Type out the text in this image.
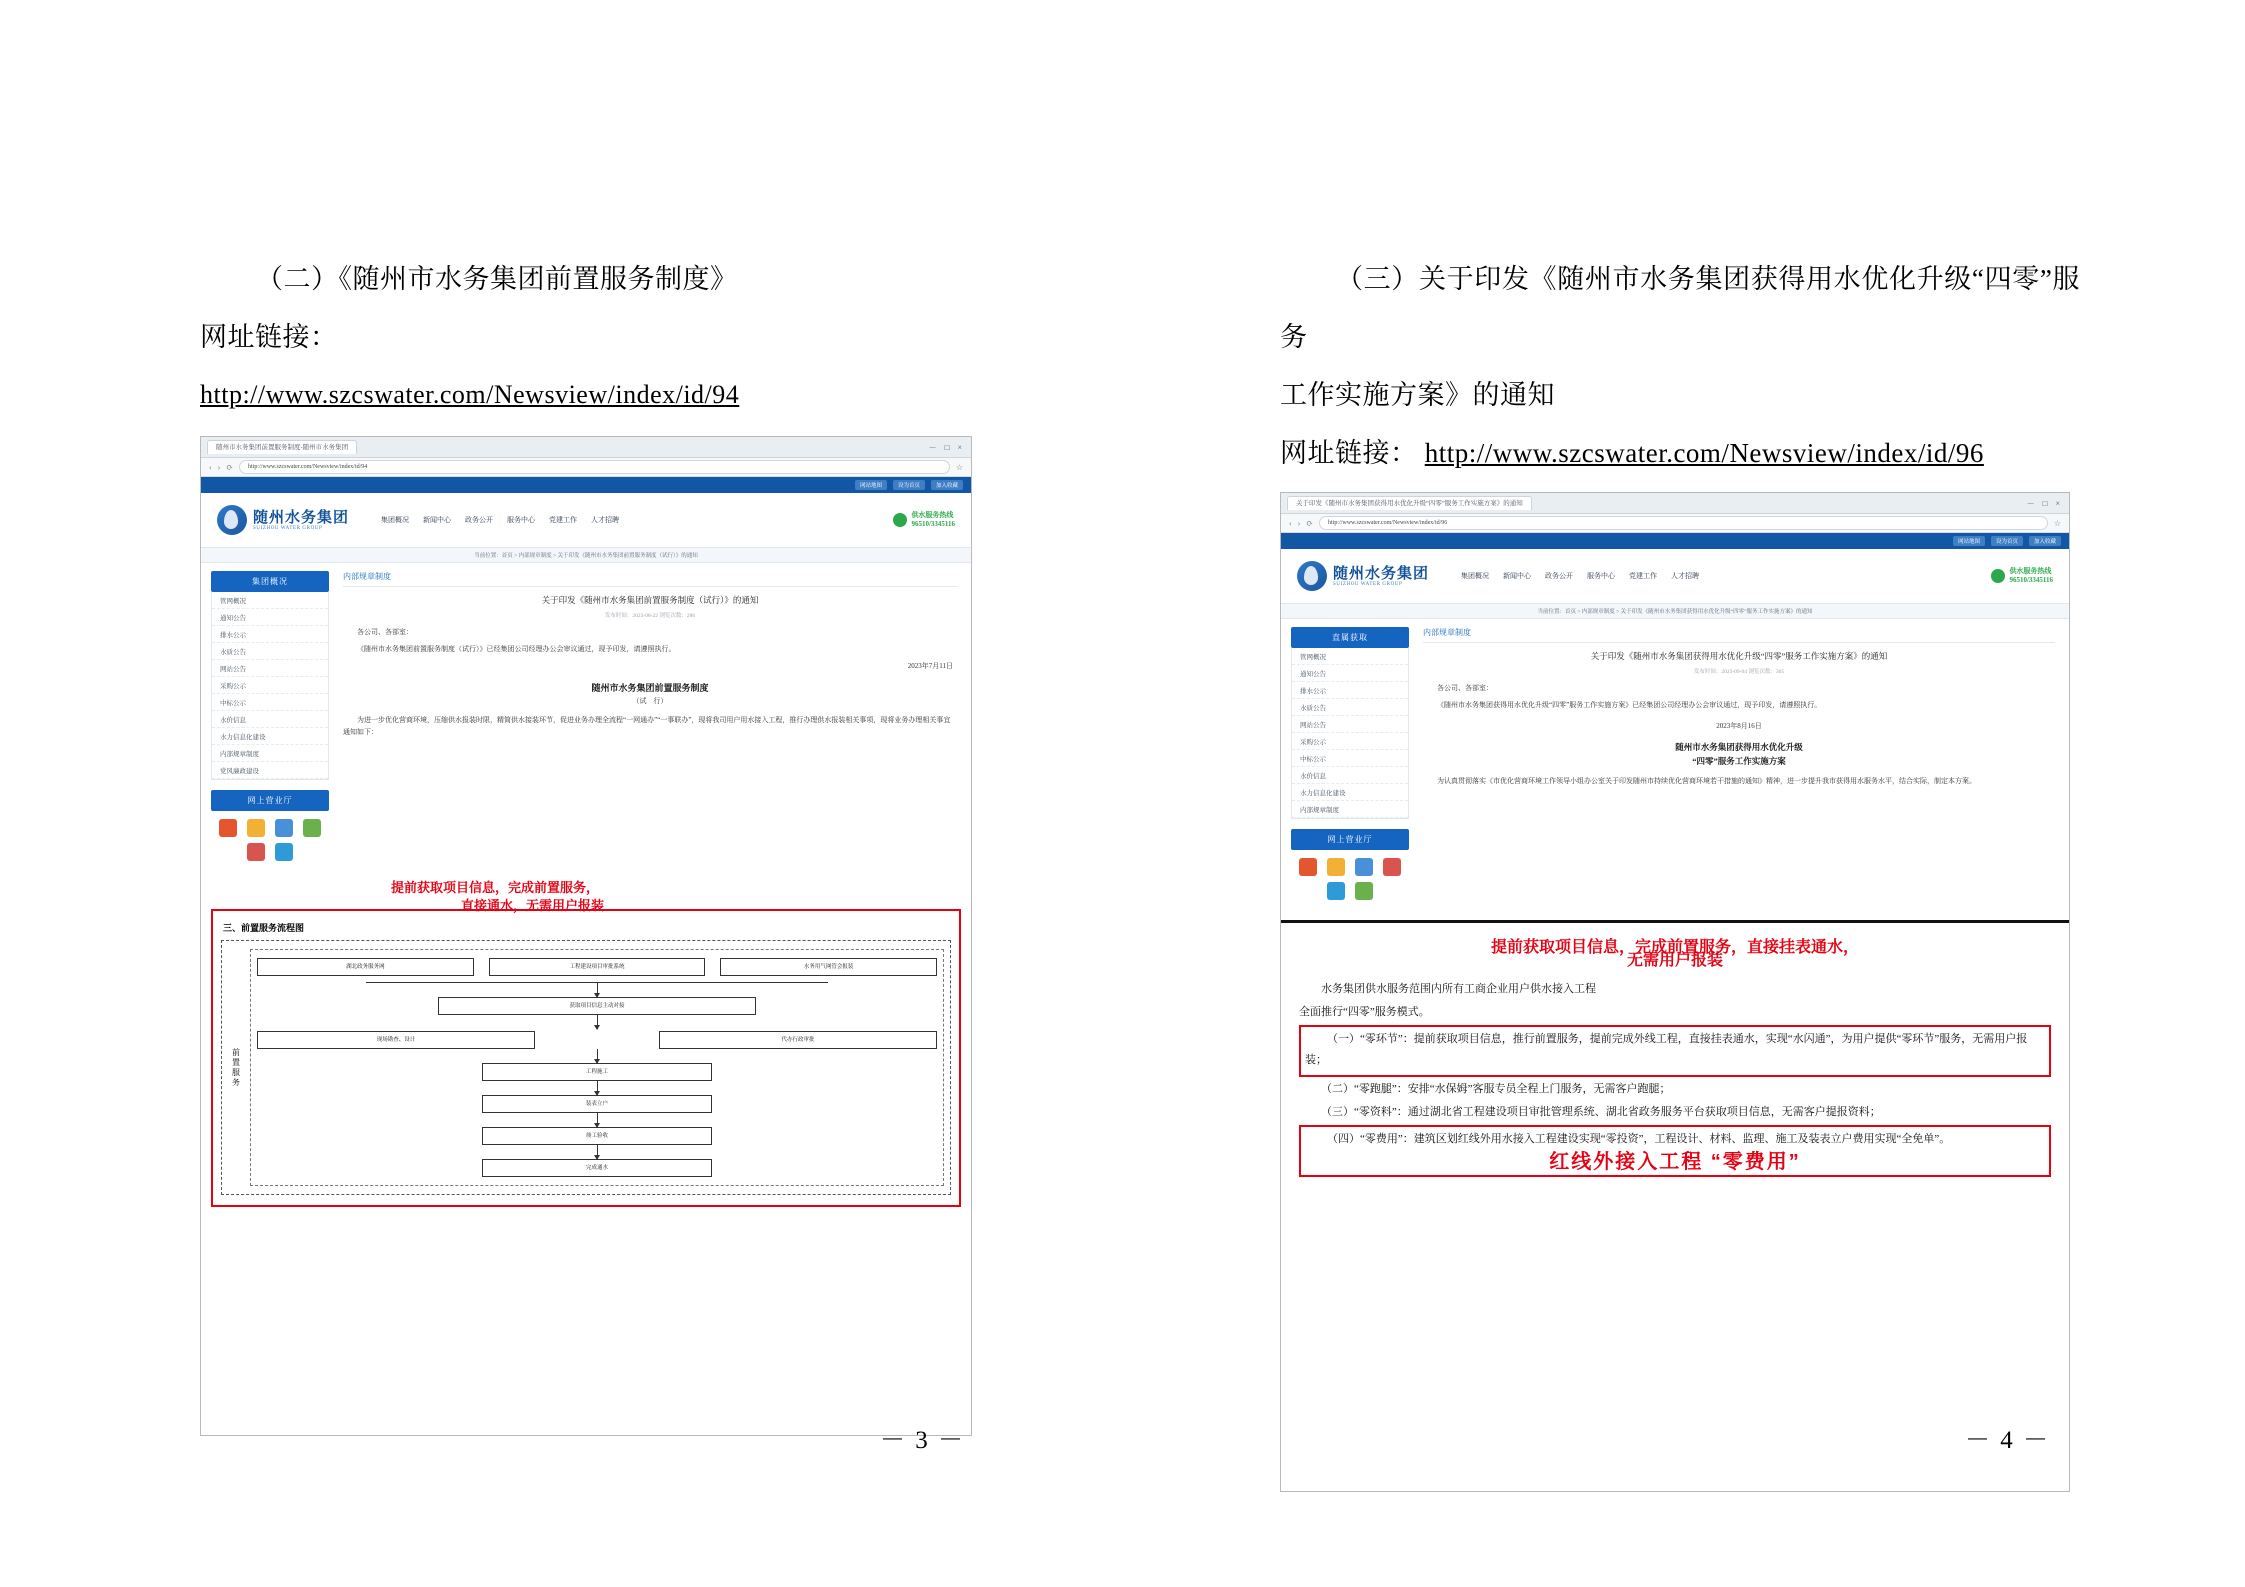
（二）《随州市水务集团前置服务制度》

网址链接：

http://www.szcswater.com/Newsview/index/id/94

随州市水务集团前置服务制度-随州市水务集团	－ □ ×
‹ › ⟳	http://www.szcswater.com/Newsview/index/id/94	☆
网站地图	设为首页	加入收藏
随州水务集团
SUIZHOU WATER GROUP
集团概况 新闻中心 政务公开 服务中心 党建工作 人才招聘
供水服务热线
96510/3345116
当前位置：首页 > 内部规章制度 > 关于印发《随州市水务集团前置服务制度（试行）》的通知
集团概况
管网概况
通知公告
排水公示
水质公告
网站公告
采购公示
中标公示
水价信息
水力信息化建设
内部规章制度
党风廉政建设
网上营业厅
内部规章制度
关于印发《随州市水务集团前置服务制度（试行）》的通知
发布时间：2023-08-22 浏览次数：286

各公司、各部室：

《随州市水务集团前置服务制度（试行）》已经集团公司经理办公会审议通过，现予印发，请遵照执行。

2023年7月11日
随州市水务集团前置服务制度
（试　行）

为进一步优化营商环境，压缩供水报装时限，精简供水接装环节，促进业务办理全流程“一网通办”“一事联办”，现将我司用户用水接入工程，推行办理供水报装相关事项，现将业务办理相关事宜通知如下：

提前获取项目信息，完成前置服务，
直接通水，无需用户报装
三、前置服务流程图
前置服务
湖北政务服务网	工程建设项目审批系统	水务用气网管会报装
获取项目信息主动对接
现场勘查、设计	代办行政审批
工程施工
装表立户
竣工验收
完成通水

（三）关于印发《随州市水务集团获得用水优化升级“四零”服务

工作实施方案》的通知

网址链接： http://www.szcswater.com/Newsview/index/id/96

关于印发《随州市水务集团获得用水优化升级“四零”服务工作实施方案》的通知	－ □ ×
‹ › ⟳	http://www.szcswater.com/Newsview/index/id/96	☆
网站地图	设为首页	加入收藏
随州水务集团
SUIZHOU WATER GROUP
集团概况 新闻中心 政务公开 服务中心 党建工作 人才招聘
供水服务热线
96510/3345116
当前位置：首页 > 内部规章制度 > 关于印发《随州市水务集团获得用水优化升级“四零”服务工作实施方案》的通知
直属获取
管网概况
通知公告
排水公示
水质公告
网站公告
采购公示
中标公示
水价信息
水力信息化建设
内部规章制度
网上营业厅
内部规章制度
关于印发《随州市水务集团获得用水优化升级“四零”服务工作实施方案》的通知
发布时间：2023-09-04 浏览次数：305

各公司、各部室：

《随州市水务集团获得用水优化升级“四零”服务工作实施方案》已经集团公司经理办公会审议通过，现予印发，请遵照执行。

2023年8月16日
随州市水务集团获得用水优化升级
“四零”服务工作实施方案

为认真贯彻落实《市优化营商环境工作领导小组办公室关于印发随州市持续优化营商环境若干措施的通知》精神，进一步提升我市获得用水服务水平，结合实际，制定本方案。

提前获取项目信息，完成前置服务，直接挂表通水，
无需用户报装

水务集团供水服务范围内所有工商企业用户供水接入工程

全面推行“四零”服务模式。

（一）“零环节”：提前获取项目信息，推行前置服务，提前完成外线工程，直接挂表通水，实现“水闪通”，为用户提供“零环节”服务，无需用户报装；

（二）“零跑腿”：安排“水保姆”客服专员全程上门服务，无需客户跑腿；

（三）“零资料”：通过湖北省工程建设项目审批管理系统、湖北省政务服务平台获取项目信息，无需客户提报资料；

（四）“零费用”：建筑区划红线外用水接入工程建设实现“零投资”，工程设计、材料、监理、施工及装表立户费用实现“全免单”。

红线外接入工程 “零费用”
－ 3 －	－ 4 －
